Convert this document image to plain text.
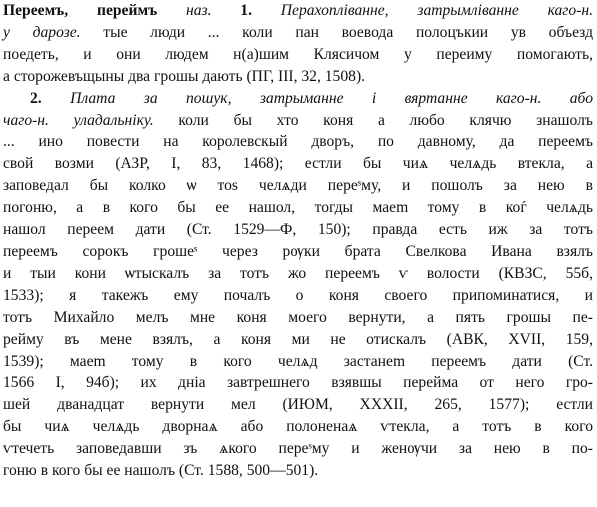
Переемъ, переймъ наз. 1. Перахопліванне, затрымліванне каго-н.
у дарозе. тые люди ... коли пан воевода полоцъкии ув объезд
поедеть, и они людем н(а)шим Клясичом у переиму помогають,
а сторожевъщыны два грошы дають (ПГ, III, 32, 1508).
2. Плата за пошук, затрыманне і вяртанне каго-н. або
чаго-н. уладальніку. коли бы хто коня а любо клячю знашолъ
... ино повести на королевскый дворъ, по давному, да переемъ
свой возми (АЗР, І, 83, 1468); естли бы чиѧ челѧдь втекла, а
заповедал бы колко ѡ тоѕ челѧди переˢму, и пошолъ за нею в
погоню, а в кого бы ее нашол, тогды маеm тому в коѓ челѧдь
нашол переем дати (Ст. 1529—Ф, 150); правда есть иж за тотъ
переемъ сорокъ грошеˢ через рѹки брата Свелкова Ивана взялъ
и тыи кони ѡтыскалъ за тотъ жо переемъ ѵ волости (КВЗС, 55б,
1533); я такежъ ему почалъ о коня своего припоминатися, и
тотъ Михайло мелъ мне коня моего вернути, а пять грошы пе-
рейму въ мене взялъ, а коня ми не отискалъ (АВК, XVII, 159,
1539); маеm тому в кого челѧд застанеm переемъ дати (Ст.
1566 І, 94б); их днiа завтрешнего взявшы перейма от него гро-
шей дванадцат вернути мел (ИЮМ, XXXII, 265, 1577); естли
бы чиѧ челѧдь дворнаѧ або полоненаѧ ѵтекла, а тотъ в кого
ѵтечеть заповедавши зъ ѧкого переˢму и женѹчи за нею в по-
гоню в кого бы ее нашолъ (Ст. 1588, 500—501).
